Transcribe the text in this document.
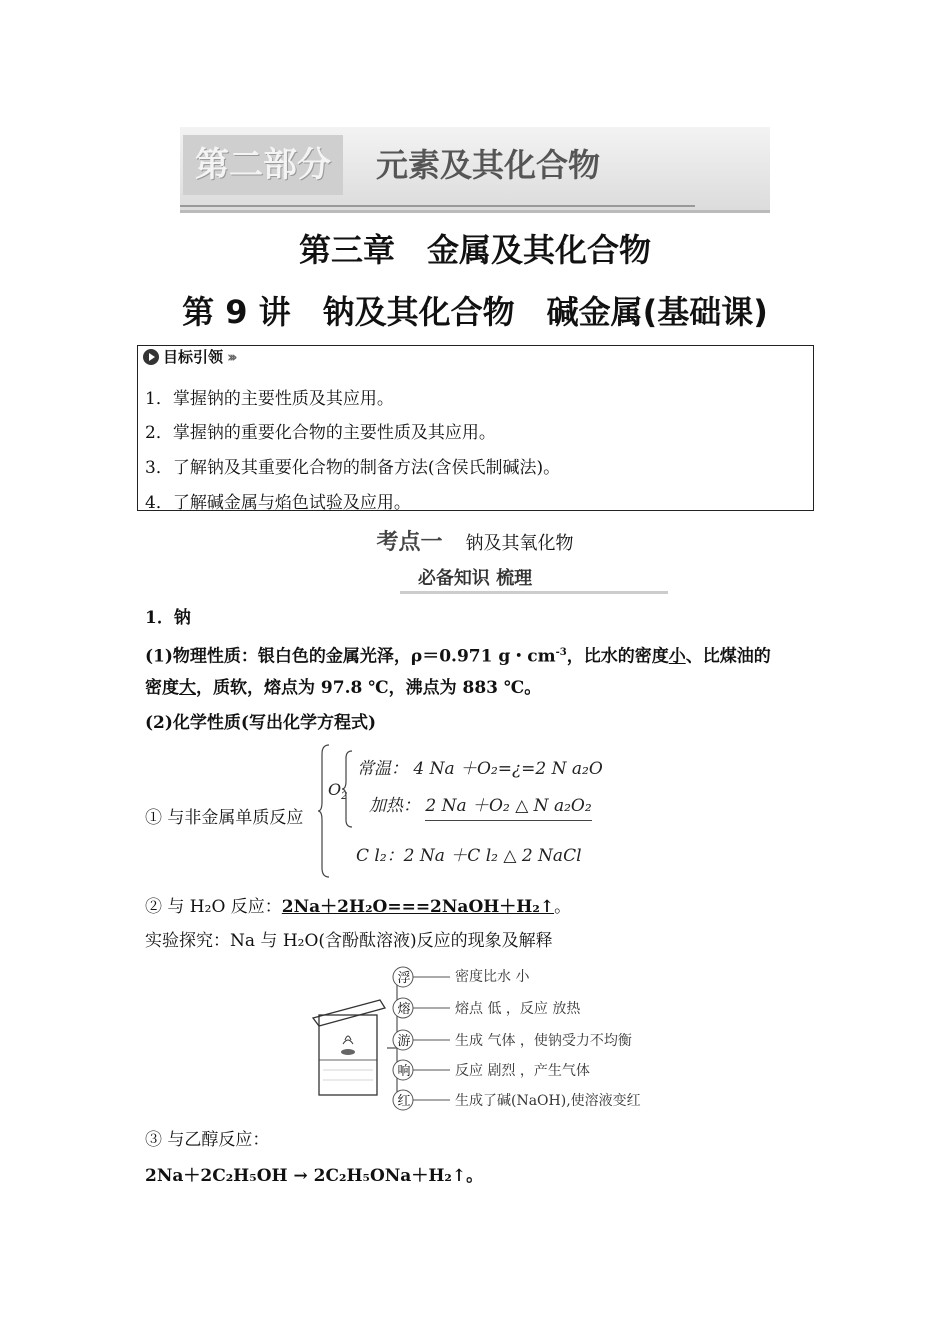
第二部分	元素及其化合物
第三章　金属及其化合物
第 9 讲　钠及其化合物　碱金属(基础课)
目标引领 ›››
1．掌握钠的主要性质及其应用。
2．掌握钠的重要化合物的主要性质及其应用。
3．了解钠及其重要化合物的制备方法(含侯氏制碱法)。
4．了解碱金属与焰色试验及应用。
考点一 钠及其氧化物
必备知识 梳理
1．钠
(1)物理性质：银白色的金属光泽，ρ＝0.971 g・$cm^{-3}$，比水的密度小、比煤油的
密度大，质软，熔点为 97.8 ℃，沸点为 883 ℃。
(2)化学性质(写出化学方程式)
① 与非金属单质反应
$O_2$
常温： 4 Na ＋O₂=¿=2 N a₂O
加热： 2 Na ＋O₂ △ N a₂O₂
C l₂：2 Na ＋C l₂ △ 2 NaCl
② 与 H₂O 反应：2Na＋2H₂O===2NaOH＋H₂↑。
实验探究：Na 与 H₂O(含酚酞溶液)反应的现象及解释
浮
熔
游
响
红
密度比水 小
熔点 低 ，反应 放热
生成 气体 ，使钠受力不均衡
反应 剧烈 ，产生气体
生成了碱(NaOH),使溶液变红
③ 与乙醇反应：
2Na＋2C₂H₅OH → 2C₂H₅ONa＋H₂↑。
